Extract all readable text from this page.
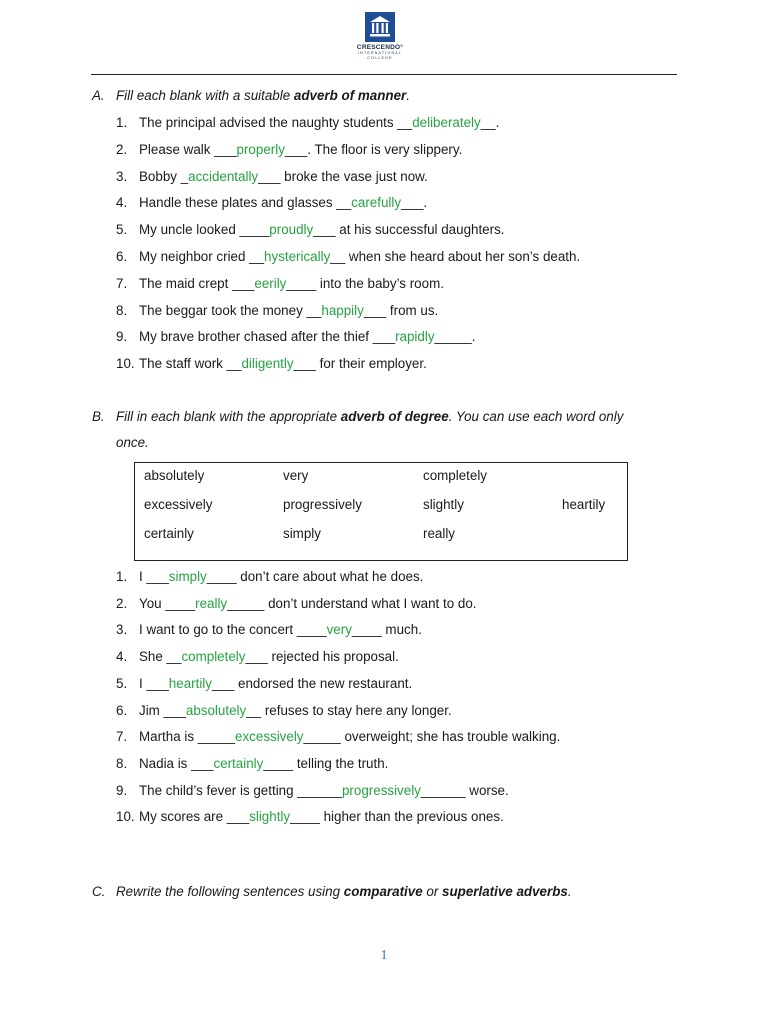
CRESCENDO°
INTERNATIONAL COLLEGE
A. Fill each blank with a suitable adverb of manner.
1. The principal advised the naughty students __deliberately__.
2. Please walk ___properly___. The floor is very slippery.
3. Bobby _accidentally___ broke the vase just now.
4. Handle these plates and glasses __carefully___.
5. My uncle looked ____proudly___ at his successful daughters.
6. My neighbor cried __hysterically__ when she heard about her son’s death.
7. The maid crept ___eerily____ into the baby’s room.
8. The beggar took the money __happily___ from us.
9. My brave brother chased after the thief ___rapidly_____.
10. The staff work __diligently___ for their employer.
B. Fill in each blank with the appropriate adverb of degree. You can use each word only
once.
absolutely	very	completely
excessively	progressively	slightly	heartily
certainly	simply	really
1. I ___simply____ don’t care about what he does.
2. You ____really_____ don’t understand what I want to do.
3. I want to go to the concert ____very____ much.
4. She __completely___ rejected his proposal.
5. I ___heartily___ endorsed the new restaurant.
6. Jim ___absolutely__ refuses to stay here any longer.
7. Martha is _____excessively_____ overweight; she has trouble walking.
8. Nadia is ___certainly____ telling the truth.
9. The child’s fever is getting ______progressively______ worse.
10. My scores are ___slightly____ higher than the previous ones.
C. Rewrite the following sentences using comparative or superlative adverbs.
1
